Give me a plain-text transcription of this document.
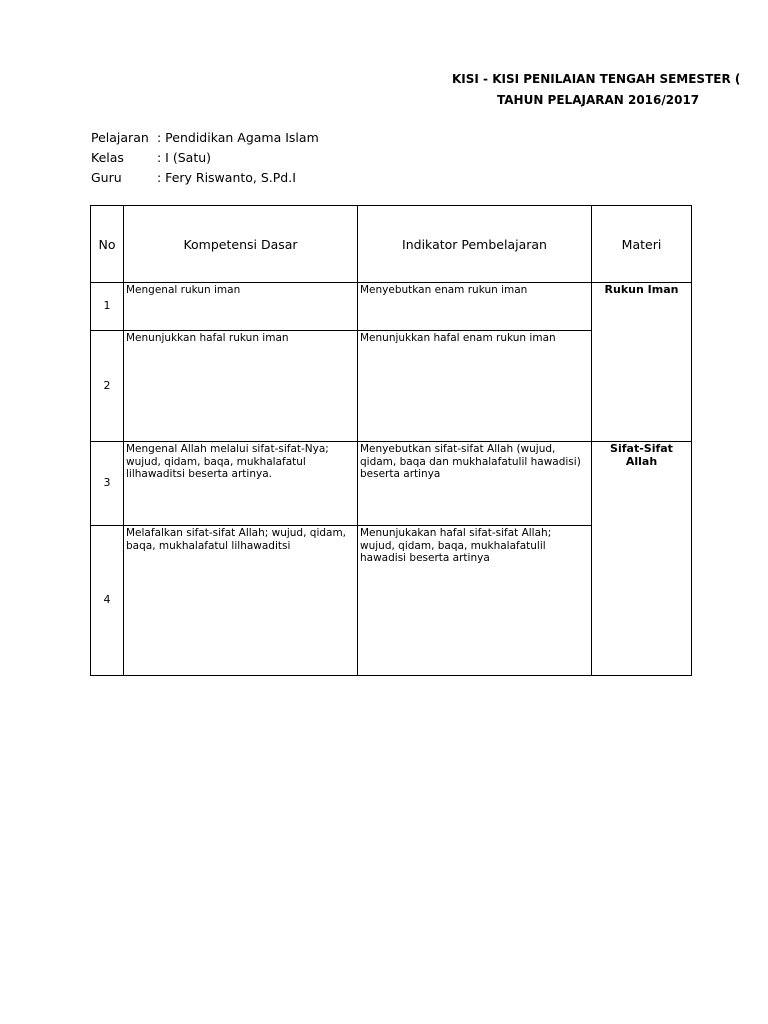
KISI - KISI PENILAIAN TENGAH SEMESTER (
TAHUN PELAJARAN 2016/2017
Pelajaran : Pendidikan Agama Islam
Kelas	: I (Satu)
Guru	: Fery Riswanto, S.Pd.I
No	Kompetensi Dasar	Indikator Pembelajaran	Materi
1	Mengenal rukun iman	Menyebutkan enam rukun iman	Rukun Iman
2	Menunjukkan hafal rukun iman	Menunjukkan hafal enam rukun iman	
3	Mengenal Allah melalui sifat-sifat-Nya; wujud, qidam, baqa, mukhalafatul lilhawaditsi beserta artinya.	Menyebutkan sifat-sifat Allah (wujud, qidam, baqa dan mukhalafatulil hawadisi) beserta artinya	Sifat-Sifat Allah
4	Melafalkan sifat-sifat Allah; wujud, qidam, baqa, mukhalafatul lilhawaditsi	Menunjukakan hafal sifat-sifat Allah; wujud, qidam, baqa, mukhalafatulil hawadisi beserta artinya	
